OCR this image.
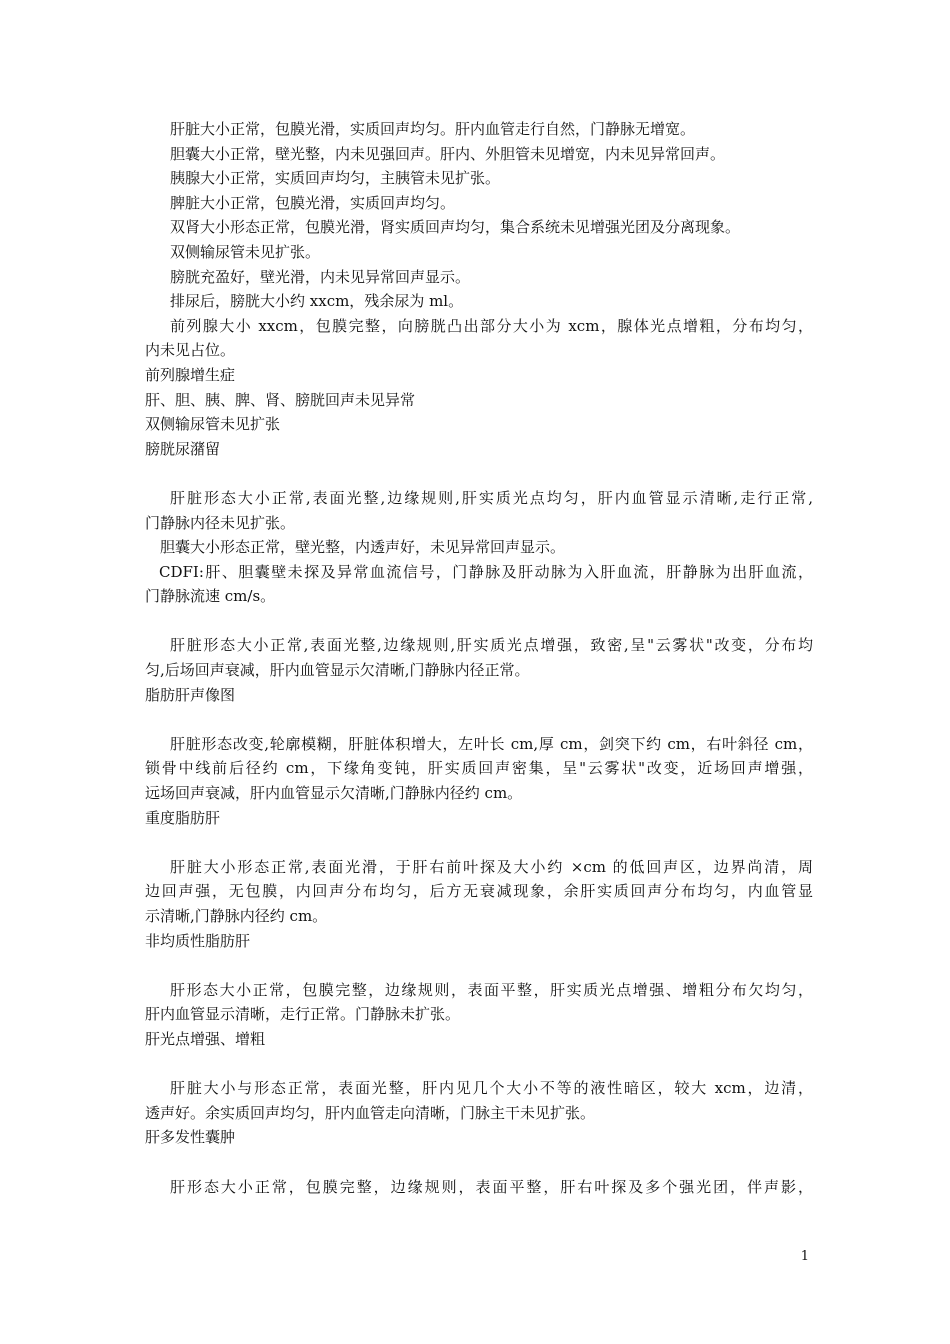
肝脏大小正常，包膜光滑，实质回声均匀。肝内血管走行自然，门静脉无增宽。
胆囊大小正常，壁光整，内未见强回声。肝内、外胆管未见增宽，内未见异常回声。
胰腺大小正常，实质回声均匀，主胰管未见扩张。
脾脏大小正常，包膜光滑，实质回声均匀。
双肾大小形态正常，包膜光滑，肾实质回声均匀，集合系统未见增强光团及分离现象。
双侧输尿管未见扩张。
膀胱充盈好，壁光滑，内未见异常回声显示。
排尿后，膀胱大小约 xxcm，残余尿为 ml。
前列腺大小 xxcm，包膜完整，向膀胱凸出部分大小为 xcm，腺体光点增粗，分布均匀，
内未见占位。
前列腺增生症
肝、胆、胰、脾、肾、膀胱回声未见异常
双侧输尿管未见扩张
膀胱尿潴留
肝脏形态大小正常,表面光整,边缘规则,肝实质光点均匀，肝内血管显示清晰,走行正常,
门静脉内径未见扩张。
胆囊大小形态正常，壁光整，内透声好，未见异常回声显示。
CDFI:肝、胆囊壁未探及异常血流信号，门静脉及肝动脉为入肝血流，肝静脉为出肝血流，
门静脉流速 cm/s。
肝脏形态大小正常,表面光整,边缘规则,肝实质光点增强，致密,呈"云雾状"改变，分布均
匀,后场回声衰减，肝内血管显示欠清晰,门静脉内径正常。
脂肪肝声像图
肝脏形态改变,轮廓模糊，肝脏体积增大，左叶长 cm,厚 cm，剑突下约 cm，右叶斜径 cm，
锁骨中线前后径约 cm，下缘角变钝，肝实质回声密集，呈"云雾状"改变，近场回声增强，
远场回声衰减，肝内血管显示欠清晰,门静脉内径约 cm。
重度脂肪肝
肝脏大小形态正常,表面光滑，于肝右前叶探及大小约 ×cm 的低回声区，边界尚清，周
边回声强，无包膜，内回声分布均匀，后方无衰减现象，余肝实质回声分布均匀，内血管显
示清晰,门静脉内径约 cm。
非均质性脂肪肝
肝形态大小正常，包膜完整，边缘规则，表面平整，肝实质光点增强、增粗分布欠均匀，
肝内血管显示清晰，走行正常。门静脉未扩张。
肝光点增强、增粗
肝脏大小与形态正常，表面光整，肝内见几个大小不等的液性暗区，较大 xcm，边清，
透声好。余实质回声均匀，肝内血管走向清晰，门脉主干未见扩张。
肝多发性囊肿
肝形态大小正常，包膜完整，边缘规则，表面平整，肝右叶探及多个强光团，伴声影，
1
